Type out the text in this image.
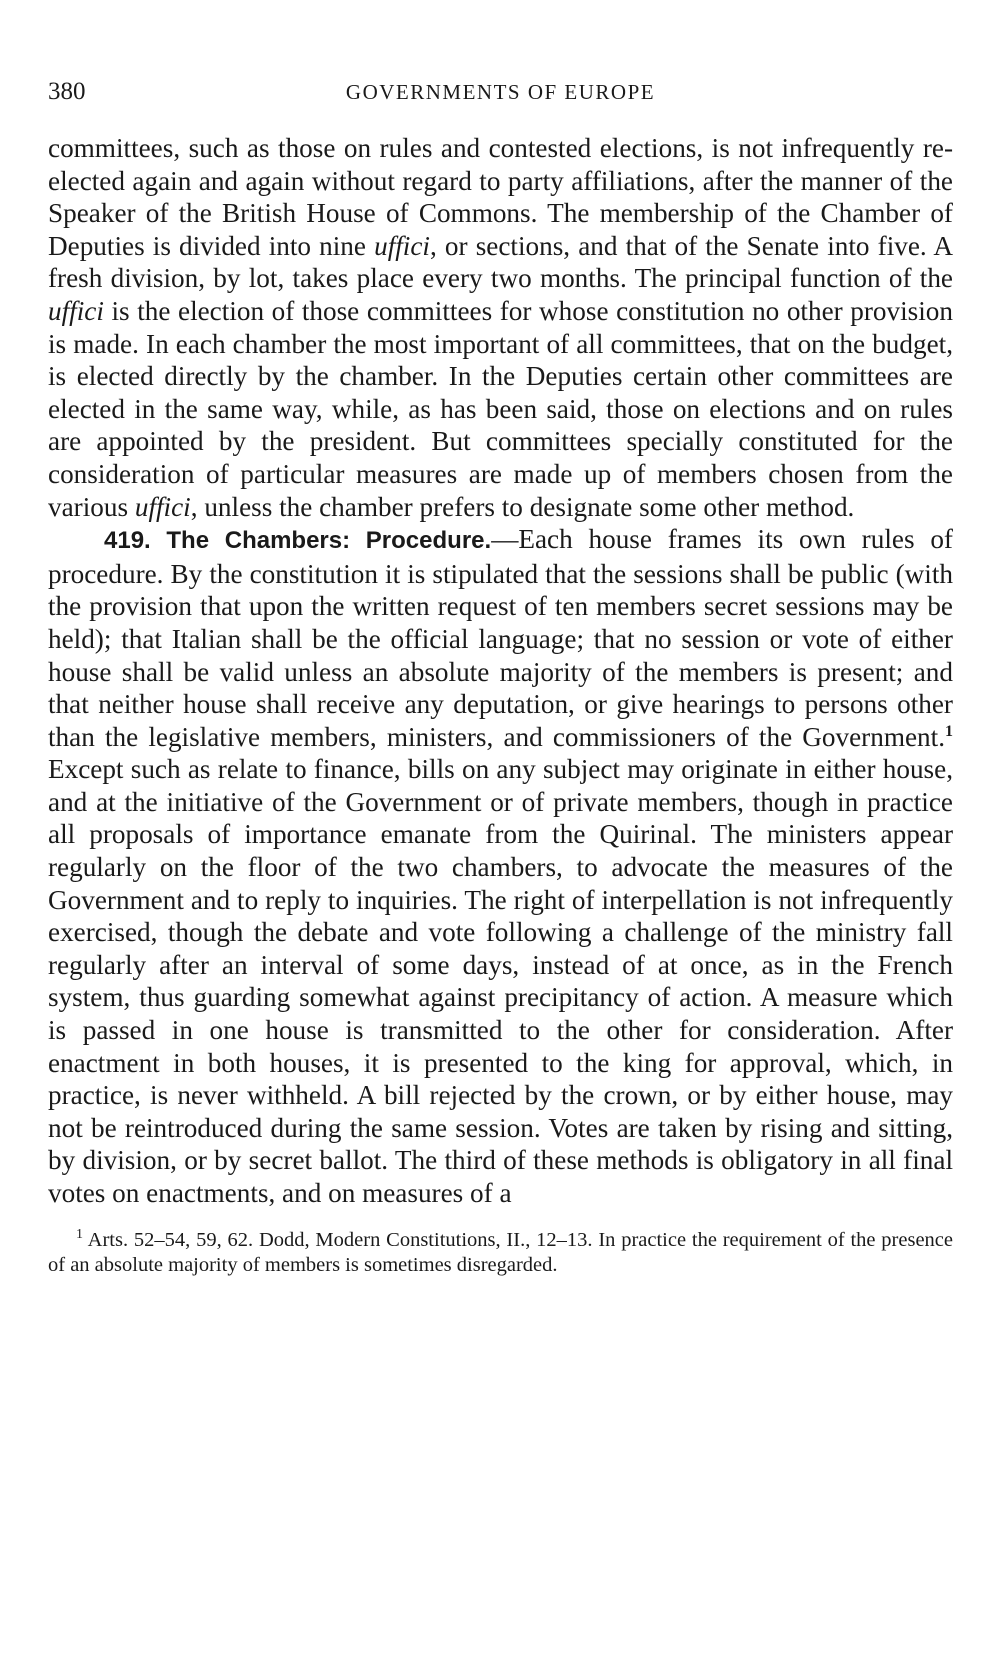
380	GOVERNMENTS OF EUROPE

committees, such as those on rules and contested elections, is not infrequently re-elected again and again without regard to party affiliations, after the manner of the Speaker of the British House of Commons. The membership of the Chamber of Deputies is divided into nine uffici, or sections, and that of the Senate into five. A fresh division, by lot, takes place every two months. The principal function of the uffici is the election of those committees for whose constitution no other provision is made. In each chamber the most important of all committees, that on the budget, is elected directly by the chamber. In the Deputies certain other committees are elected in the same way, while, as has been said, those on elections and on rules are appointed by the president. But committees specially constituted for the consideration of particular measures are made up of members chosen from the various uffici, unless the chamber prefers to designate some other method.

419. The Chambers: Procedure.—Each house frames its own rules of procedure. By the constitution it is stipulated that the sessions shall be public (with the provision that upon the written request of ten members secret sessions may be held); that Italian shall be the official language; that no session or vote of either house shall be valid unless an absolute majority of the members is present; and that neither house shall receive any deputation, or give hearings to persons other than the legislative members, ministers, and commissioners of the Government.$^1$ Except such as relate to finance, bills on any subject may originate in either house, and at the initiative of the Government or of private members, though in practice all proposals of importance emanate from the Quirinal. The ministers appear regularly on the floor of the two chambers, to advocate the measures of the Government and to reply to inquiries. The right of interpellation is not infrequently exercised, though the debate and vote following a challenge of the ministry fall regularly after an interval of some days, instead of at once, as in the French system, thus guarding somewhat against precipitancy of action. A measure which is passed in one house is transmitted to the other for consideration. After enactment in both houses, it is presented to the king for approval, which, in practice, is never withheld. A bill rejected by the crown, or by either house, may not be reintroduced during the same session. Votes are taken by rising and sitting, by division, or by secret ballot. The third of these methods is obligatory in all final votes on enactments, and on measures of a

$^1$ Arts. 52–54, 59, 62. Dodd, Modern Constitutions, II., 12–13. In practice the requirement of the presence of an absolute majority of members is sometimes disregarded.
